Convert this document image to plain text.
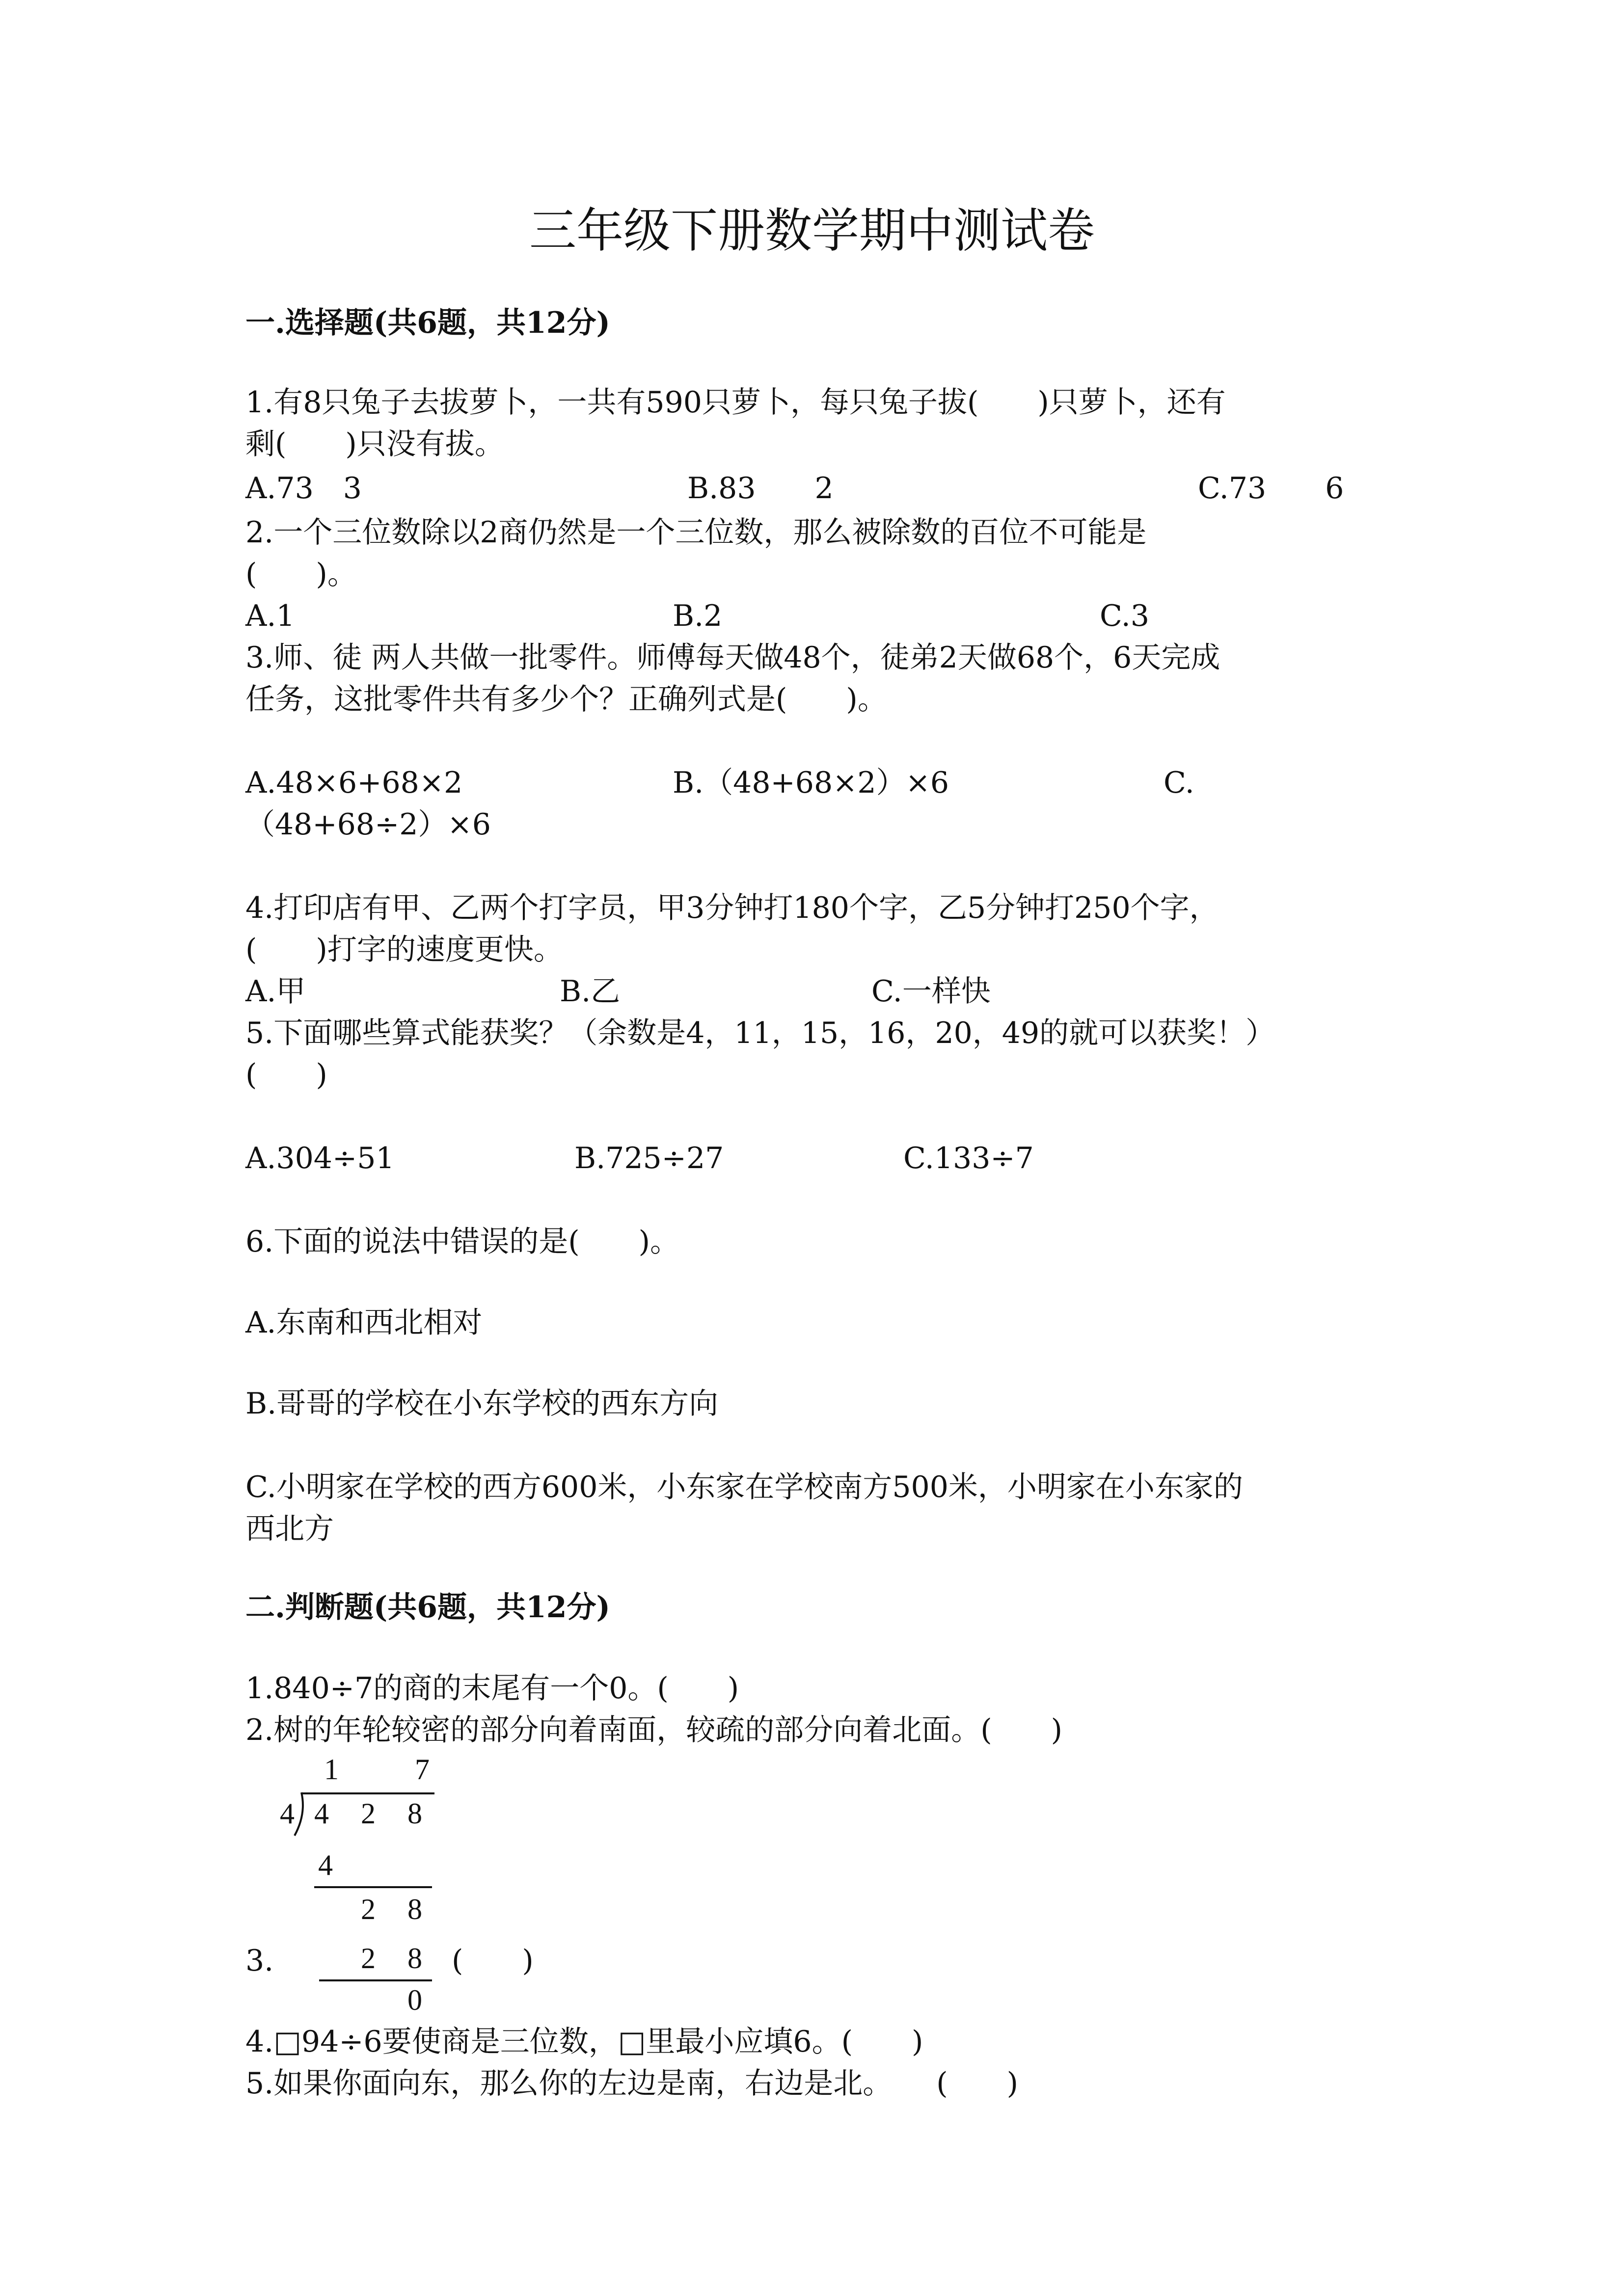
三年级下册数学期中测试卷
一.选择题(共6题，共12分)
1.有8只兔子去拔萝卜，一共有590只萝卜，每只兔子拔(　　)只萝卜，还有
剩(　　)只没有拔。
A.73　3	B.83　　2	C.73　　6
2.一个三位数除以2商仍然是一个三位数，那么被除数的百位不可能是
(　　)。
A.1	B.2	C.3
3.师、徒 两人共做一批零件。师傅每天做48个，徒弟2天做68个，6天完成
任务，这批零件共有多少个？正确列式是(　　)。
A.48×6+68×2	B.（48+68×2）×6	C.
（48+68÷2）×6
4.打印店有甲、乙两个打字员，甲3分钟打180个字，乙5分钟打250个字，
(　　)打字的速度更快。
A.甲	B.乙	C.一样快
5.下面哪些算式能获奖？（余数是4，11，15，16，20，49的就可以获奖！）
(　　)
A.304÷51	B.725÷27	C.133÷7
6.下面的说法中错误的是(　　)。
A.东南和西北相对
B.哥哥的学校在小东学校的西东方向
C.小明家在学校的西方600米，小东家在学校南方500米，小明家在小东家的
西北方
二.判断题(共6题，共12分)
1.840÷7的商的末尾有一个0。(　　)
2.树的年轮较密的部分向着南面，较疏的部分向着北面。(　　)
1	7
4 4 2 8
4
2 8
2 8
0
3.	(　　)
4.□94÷6要使商是三位数，□里最小应填6。(　　)
5.如果你面向东，那么你的左边是南，右边是北。　　(　　)
